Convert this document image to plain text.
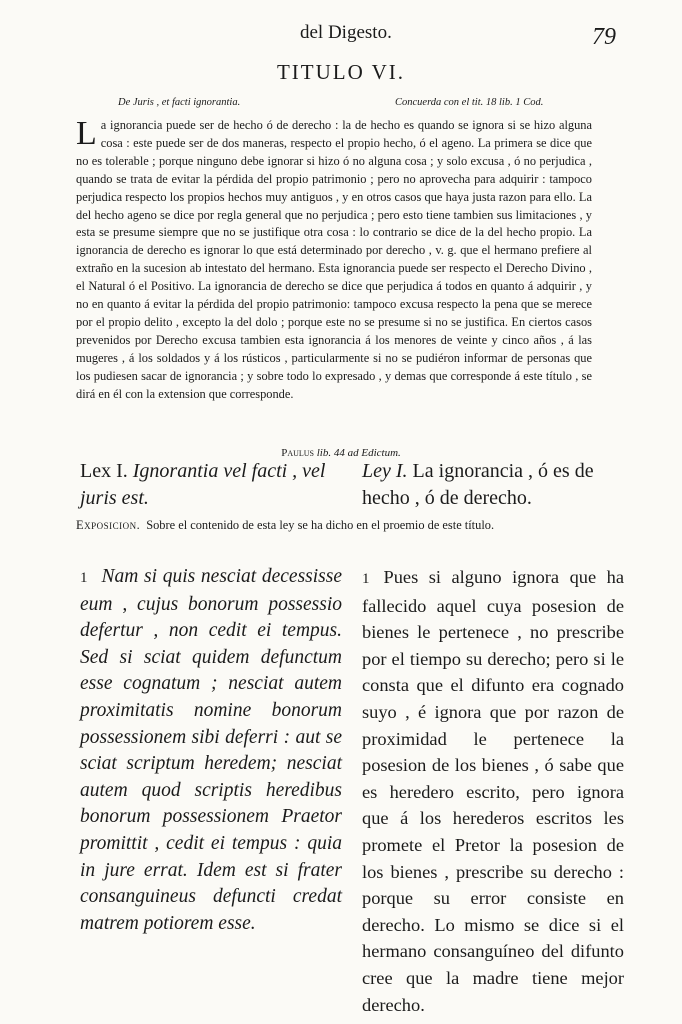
del Digesto.	79
TITULO VI.
De Juris , et facti ignorantia.	Concuerda con el tit. 18 lib. 1 Cod.

La ignorancia puede ser de hecho ó de derecho : la de hecho es quando se ignora si se hizo alguna cosa : este puede ser de dos maneras, respecto el propio hecho, ó el ageno. La primera se dice que no es tolerable ; porque ninguno debe ignorar si hizo ó no alguna cosa ; y solo excusa , ó no perjudica , quando se trata de evitar la pérdida del propio patrimonio ; pero no aprovecha para adquirir : tampoco perjudica respecto los propios hechos muy antiguos , y en otros casos que haya justa razon para ello. La del hecho ageno se dice por regla general que no perjudica ; pero esto tiene tambien sus limitaciones , y esta se presume siempre que no se justifique otra cosa : lo contrario se dice de la del hecho propio. La ignorancia de derecho es ignorar lo que está determinado por derecho , v. g. que el hermano prefiere al extraño en la sucesion ab intestato del hermano. Esta ignorancia puede ser respecto el Derecho Divino , el Natural ó el Positivo. La ignorancia de derecho se dice que perjudica á todos en quanto á adquirir , y no en quanto á evitar la pérdida del propio patrimonio: tampoco excusa respecto la pena que se merece por el propio delito , excepto la del dolo ; porque este no se presume si no se justifica. En ciertos casos prevenidos por Derecho excusa tambien esta ignorancia á los menores de veinte y cinco años , á las mugeres , á los soldados y á los rústicos , particularmente si no se pudiéron informar de personas que los pudiesen sacar de ignorancia ; y sobre todo lo expresado , y demas que corresponde á este título , se dirá en él con la extension que corresponde.

Paulus lib. 44 ad Edictum.
Lex I. Ignorantia vel facti , vel juris est.
Ley I. La ignorancia , ó es de hecho , ó de derecho.
Exposicion. Sobre el contenido de esta ley se ha dicho en el proemio de este título.
1 Nam si quis nesciat decessisse eum , cujus bonorum possessio defertur , non cedit ei tempus. Sed si sciat quidem defunctum esse cognatum ; nesciat autem proximitatis nomine bonorum possessionem sibi deferri : aut se sciat scriptum heredem; nesciat autem quod scriptis heredibus bonorum possessionem Praetor promittit , cedit ei tempus : quia in jure errat. Idem est si frater consanguineus defuncti credat matrem potiorem esse.
1 Pues si alguno ignora que ha fallecido aquel cuya posesion de bienes le pertenece , no prescribe por el tiempo su derecho; pero si le consta que el difunto era cognado suyo , é ignora que por razon de proximidad le pertenece la posesion de los bienes , ó sabe que es heredero escrito, pero ignora que á los herederos escritos les promete el Pretor la posesion de los bienes , prescribe su derecho : porque su error consiste en derecho. Lo mismo se dice si el hermano consanguíneo del difunto cree que la madre tiene mejor derecho.
